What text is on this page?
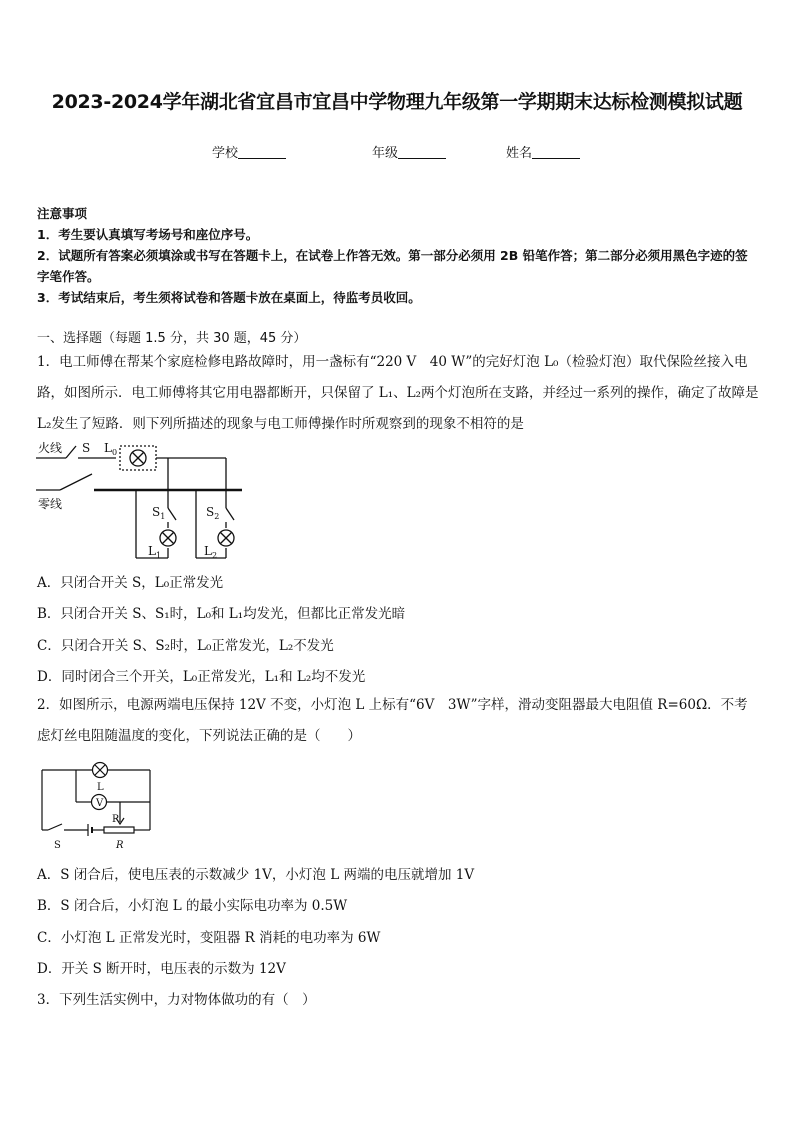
2023-2024学年湖北省宜昌市宜昌中学物理九年级第一学期期末达标检测模拟试题
学校	年级	姓名
注意事项
1．考生要认真填写考场号和座位序号。
2．试题所有答案必须填涂或书写在答题卡上，在试卷上作答无效。第一部分必须用 2B 铅笔作答；第二部分必须用黑色字迹的签字笔作答。
3．考试结束后，考生须将试卷和答题卡放在桌面上，待监考员收回。
一、选择题（每题 1.5 分，共 30 题，45 分）
1．电工师傅在帮某个家庭检修电路故障时，用一盏标有“220 V　40 W”的完好灯泡 L₀（检验灯泡）取代保险丝接入电路，如图所示．电工师傅将其它用电器都断开，只保留了 L₁、L₂两个灯泡所在支路，并经过一系列的操作，确定了故障是 L₂发生了短路．则下列所描述的现象与电工师傅操作时所观察到的现象不相符的是
火线
零线
S $L_0$
$S_1$	$S_2$
$L_1$	$L_2$
A．只闭合开关 S，L₀正常发光
B．只闭合开关 S、S₁时，L₀和 L₁均发光，但都比正常发光暗
C．只闭合开关 S、S₂时，L₀正常发光，L₂不发光
D．同时闭合三个开关，L₀正常发光，L₁和 L₂均不发光
2．如图所示，电源两端电压保持 12V 不变，小灯泡 L 上标有“6V　3W”字样，滑动变阻器最大电阻值 R=60Ω．不考虑灯丝电阻随温度的变化，下列说法正确的是（　　）
V
L
P
R
S
A．S 闭合后，使电压表的示数减少 1V，小灯泡 L 两端的电压就增加 1V
B．S 闭合后，小灯泡 L 的最小实际电功率为 0.5W
C．小灯泡 L 正常发光时，变阻器 R 消耗的电功率为 6W
D．开关 S 断开时，电压表的示数为 12V
3．下列生活实例中，力对物体做功的有（　）
